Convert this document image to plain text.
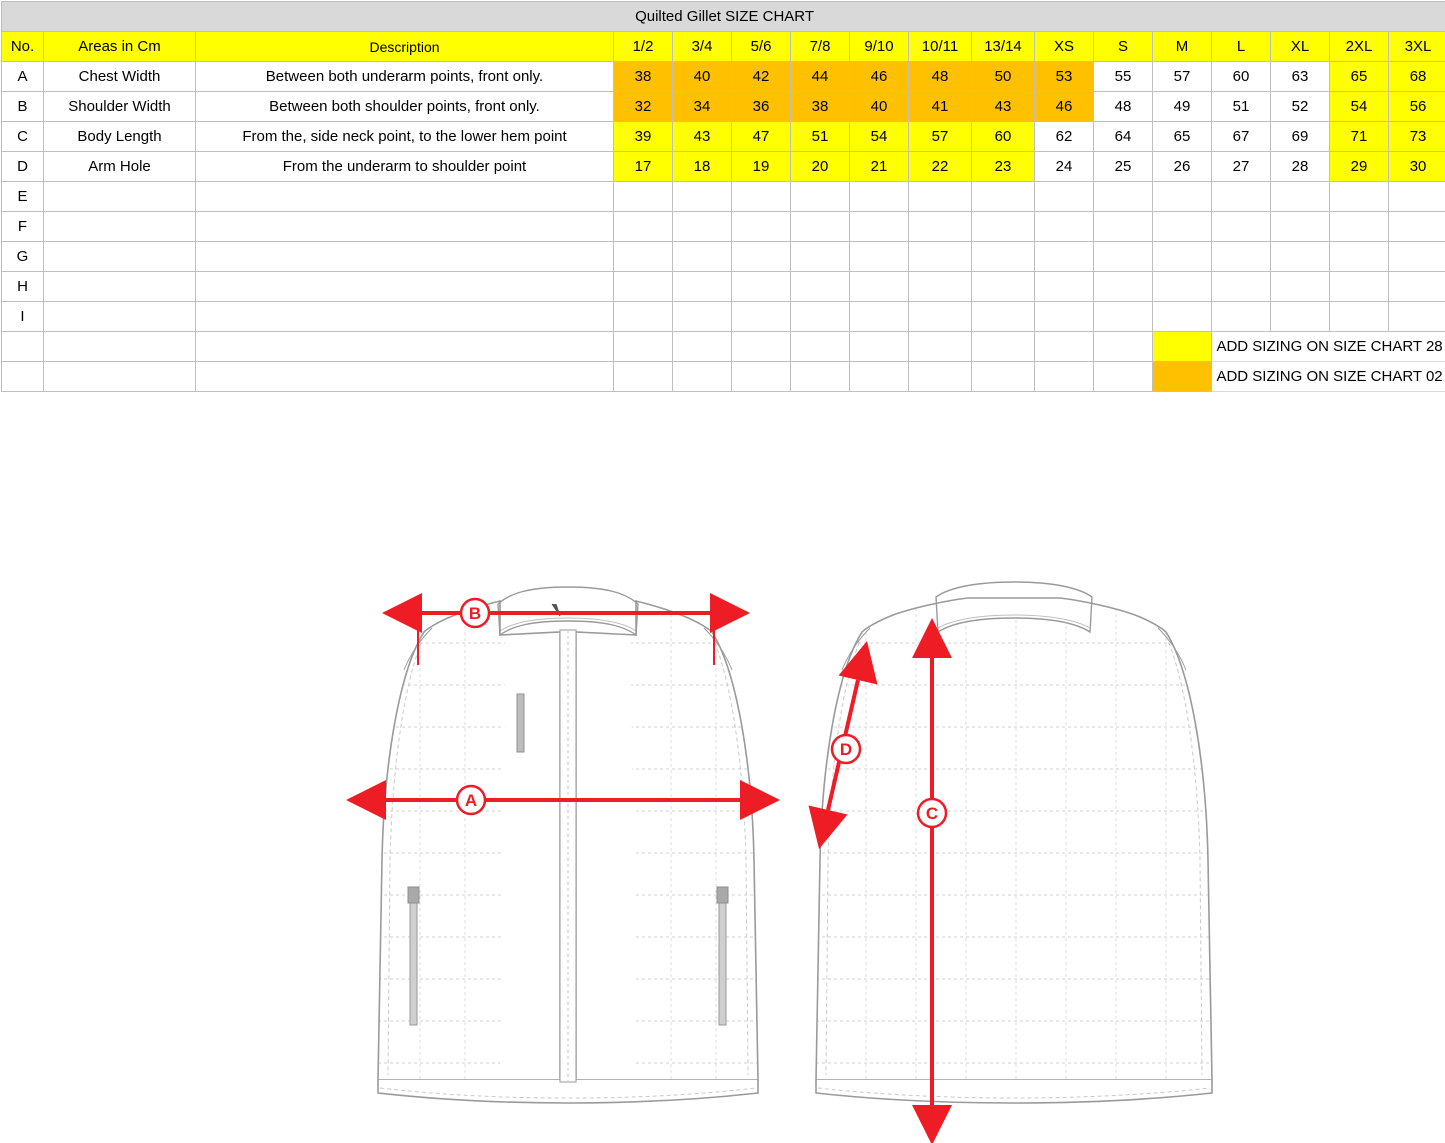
Quilted Gillet SIZE CHART																
No.	Areas in Cm	Description	1/2	3/4	5/6	7/8	9/10	10/11	13/14	XS	S	M	L	XL	2XL	3XL
A	Chest Width	Between both underarm points, front only.	38	40	42	44	46	48	50	53	55	57	60	63	65	68
B	Shoulder Width	Between both shoulder points, front only.	32	34	36	38	40	41	43	46	48	49	51	52	54	56
C	Body Length	From the, side neck point, to the lower hem point	39	43	47	51	54	57	60	62	64	65	67	69	71	73
D	Arm Hole	From the underarm to shoulder point	17	18	19	20	21	22	23	24	25	26	27	28	29	30
E																
F																
G																
H																
I																
													ADD SIZING ON SIZE CHART 28			
													ADD SIZING ON SIZE CHART 02			
B
A
D
C
